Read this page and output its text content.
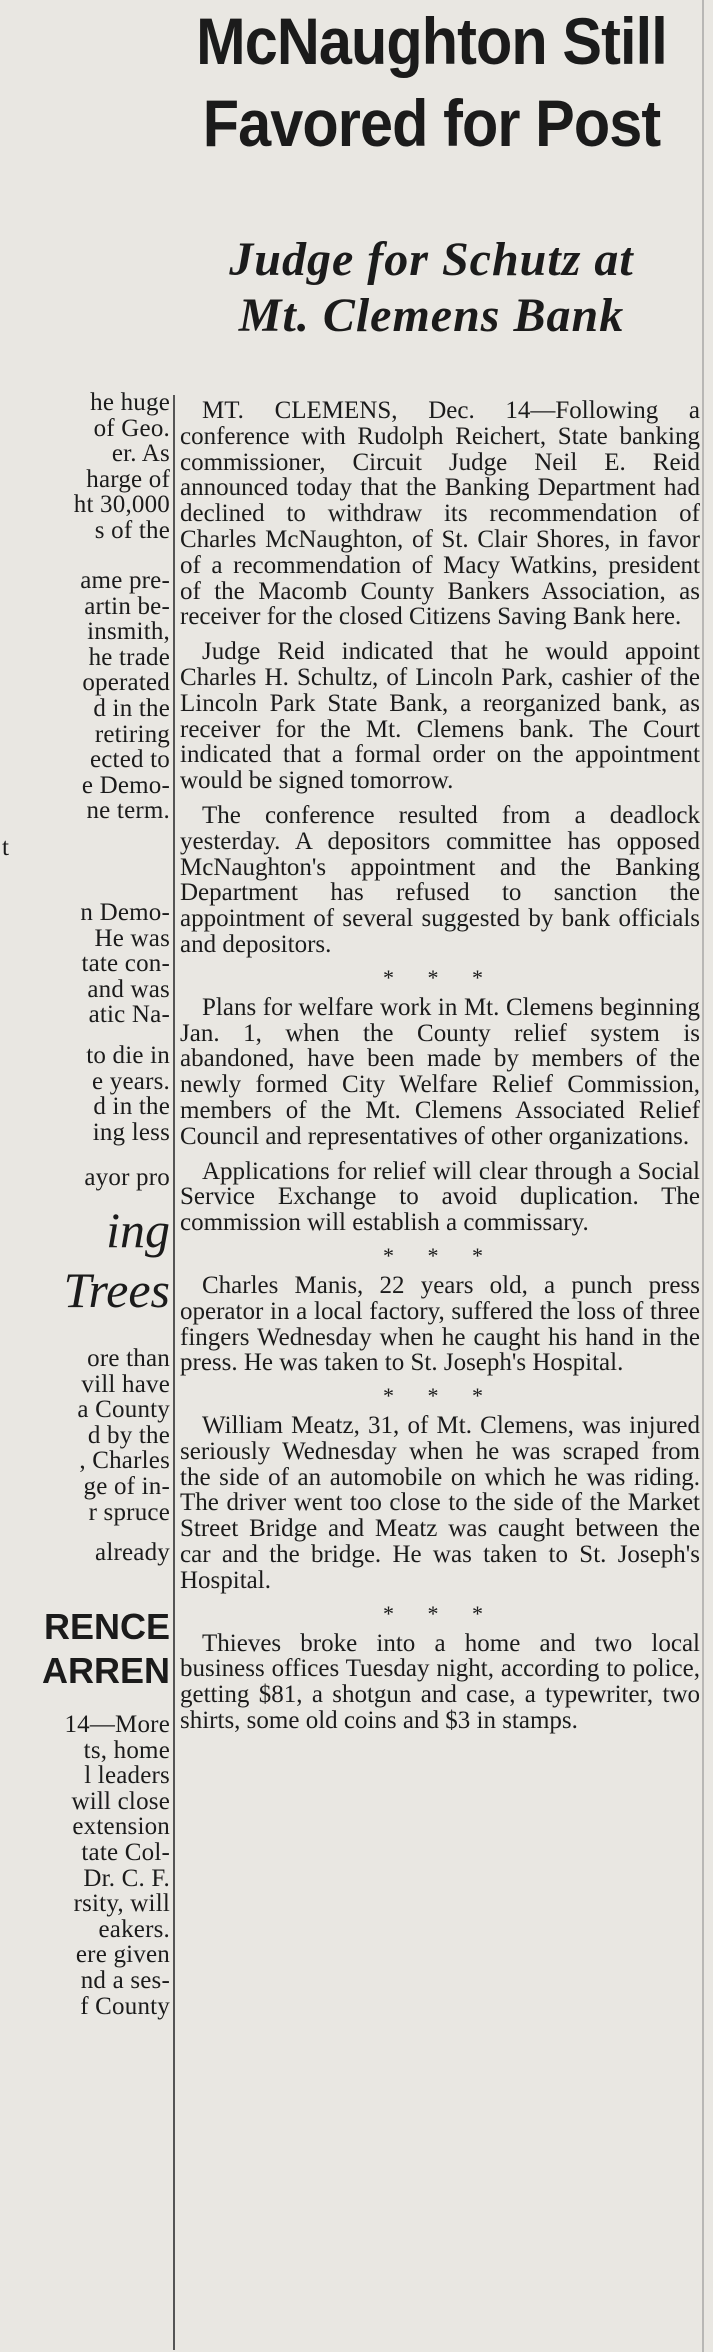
McNaughton Still
Favored for Post
Judge for Schutz at
Mt. Clemens Bank
he huge
of Geo.
er. As
harge of
ht 30,000
s of the
ame pre-
artin be-
insmith,
he trade
operated
d in the
retiring
ected to
e Demo-
ne term.
t
n Demo-
He was
tate con-
and was
atic Na-
to die in
e years.
d in the
ing less
ayor pro
ing
Trees
ore than
vill have
a County
d by the
, Charles
ge of in-
r spruce
already
RENCE
ARREN
14—More
ts, home
l leaders
will close
extension
tate Col-
Dr. C. F.
rsity, will
eakers.
ere given
nd a ses-
f County

MT. CLEMENS, Dec. 14—Following a conference with Rudolph Reichert, State banking commissioner, Circuit Judge Neil E. Reid announced today that the Banking Department had declined to withdraw its recommendation of Charles McNaughton, of St. Clair Shores, in favor of a recommendation of Macy Watkins, president of the Macomb County Bankers Association, as receiver for the closed Citizens Saving Bank here.

Judge Reid indicated that he would appoint Charles H. Schultz, of Lincoln Park, cashier of the Lincoln Park State Bank, a reorganized bank, as receiver for the Mt. Clemens bank. The Court indicated that a formal order on the appointment would be signed tomorrow.

The conference resulted from a deadlock yesterday. A depositors committee has opposed McNaughton's appointment and the Banking Department has refused to sanction the appointment of several suggested by bank officials and depositors.

* * *

Plans for welfare work in Mt. Clemens beginning Jan. 1, when the County relief system is abandoned, have been made by members of the newly formed City Welfare Relief Commission, members of the Mt. Clemens Associated Relief Council and representatives of other organizations.

Applications for relief will clear through a Social Service Exchange to avoid duplication. The commission will establish a commissary.

* * *

Charles Manis, 22 years old, a punch press operator in a local factory, suffered the loss of three fingers Wednesday when he caught his hand in the press. He was taken to St. Joseph's Hospital.

* * *

William Meatz, 31, of Mt. Clemens, was injured seriously Wednesday when he was scraped from the side of an automobile on which he was riding. The driver went too close to the side of the Market Street Bridge and Meatz was caught between the car and the bridge. He was taken to St. Joseph's Hospital.

* * *

Thieves broke into a home and two local business offices Tuesday night, according to police, getting $81, a shotgun and case, a typewriter, two shirts, some old coins and $3 in stamps.
